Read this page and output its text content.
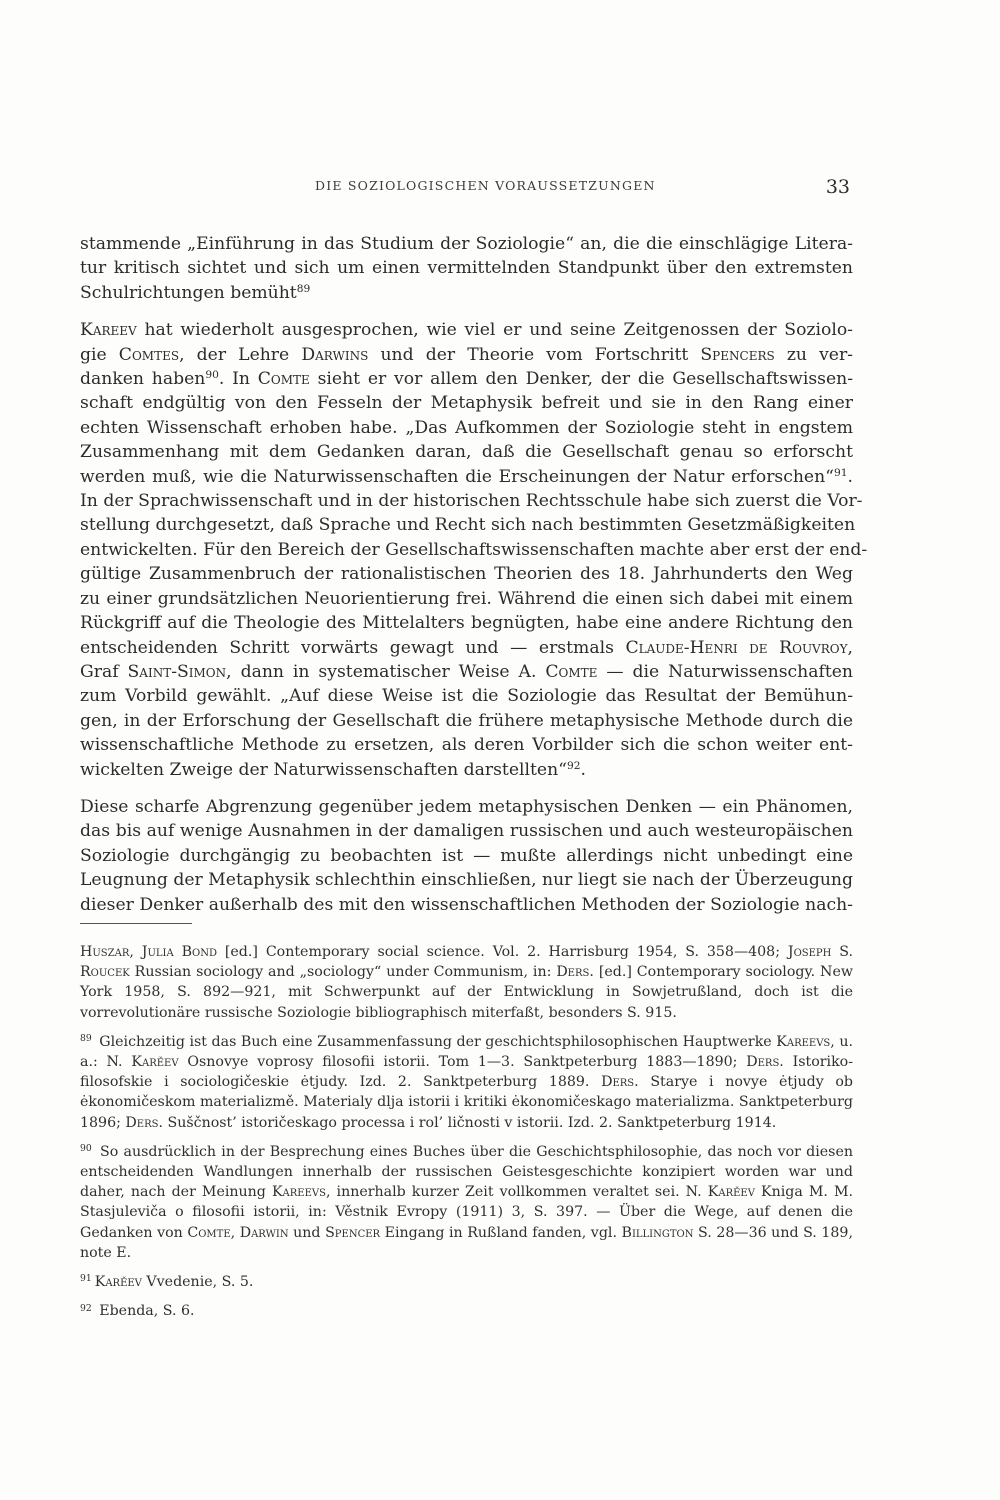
DIE SOZIOLOGISCHEN VORAUSSETZUNGEN	33

stammende „Einführung in das Studium der Soziologie“ an, die die einschlägige Litera-
tur kritisch sichtet und sich um einen vermittelnden Standpunkt über den extremsten
Schulrichtungen bemüht$^{89}$

Kareev hat wiederholt ausgesprochen, wie viel er und seine Zeitgenossen der Soziolo-
gie Comtes, der Lehre Darwins und der Theorie vom Fortschritt Spencers zu ver-
danken haben$^{90}$. In Comte sieht er vor allem den Denker, der die Gesellschaftswissen-
schaft endgültig von den Fesseln der Metaphysik befreit und sie in den Rang einer
echten Wissenschaft erhoben habe. „Das Aufkommen der Soziologie steht in engstem
Zusammenhang mit dem Gedanken daran, daß die Gesellschaft genau so erforscht
werden muß, wie die Naturwissenschaften die Erscheinungen der Natur erforschen“$^{91}$.
In der Sprachwissenschaft und in der historischen Rechtsschule habe sich zuerst die Vor-
stellung durchgesetzt, daß Sprache und Recht sich nach bestimmten Gesetzmäßigkeiten
entwickelten. Für den Bereich der Gesellschaftswissenschaften machte aber erst der end-
gültige Zusammenbruch der rationalistischen Theorien des 18. Jahrhunderts den Weg
zu einer grundsätzlichen Neuorientierung frei. Während die einen sich dabei mit einem
Rückgriff auf die Theologie des Mittelalters begnügten, habe eine andere Richtung den
entscheidenden Schritt vorwärts gewagt und — erstmals Claude-Henri de Rouvroy,
Graf Saint-Simon, dann in systematischer Weise A. Comte — die Naturwissenschaften
zum Vorbild gewählt. „Auf diese Weise ist die Soziologie das Resultat der Bemühun-
gen, in der Erforschung der Gesellschaft die frühere metaphysische Methode durch die
wissenschaftliche Methode zu ersetzen, als deren Vorbilder sich die schon weiter ent-
wickelten Zweige der Naturwissenschaften darstellten“$^{92}$.

Diese scharfe Abgrenzung gegenüber jedem metaphysischen Denken — ein Phänomen,
das bis auf wenige Ausnahmen in der damaligen russischen und auch westeuropäischen
Soziologie durchgängig zu beobachten ist — mußte allerdings nicht unbedingt eine
Leugnung der Metaphysik schlechthin einschließen, nur liegt sie nach der Überzeugung
dieser Denker außerhalb des mit den wissenschaftlichen Methoden der Soziologie nach-

Huszar, Julia Bond [ed.] Contemporary social science. Vol. 2. Harrisburg 1954, S. 358—408; Joseph S. Roucek Russian sociology and „sociology“ under Communism, in: Ders. [ed.] Contemporary sociology. New York 1958, S. 892—921, mit Schwerpunkt auf der Entwicklung in Sowjetrußland, doch ist die vorrevolutionäre russische Soziologie bibliographisch miterfaßt, besonders S. 915.
$^{89}$ Gleichzeitig ist das Buch eine Zusammenfassung der geschichtsphilosophischen Hauptwerke Kareevs, u. a.: N. Karěev Osnovye voprosy filosofii istorii. Tom 1—3. Sanktpeterburg 1883—1890; Ders. Istoriko-filosofskie i sociologičeskie ėtjudy. Izd. 2. Sanktpeterburg 1889. Ders. Starye i novye ėtjudy ob ėkonomičeskom materializmě. Materialy dlja istorii i kritiki ėkonomičeskago materializma. Sanktpeterburg 1896; Ders. Suščnost’ istoričeskago processa i rol’ ličnosti v istorii. Izd. 2. Sanktpeterburg 1914.
$^{90}$ So ausdrücklich in der Besprechung eines Buches über die Geschichtsphilosophie, das noch vor diesen entscheidenden Wandlungen innerhalb der russischen Geistesgeschichte konzipiert worden war und daher, nach der Meinung Kareevs, innerhalb kurzer Zeit vollkommen veraltet sei. N. Karěev Kniga M. M. Stasjulevičа o filosofii istorii, in: Věstnik Evropy (1911) 3, S. 397. — Über die Wege, auf denen die Gedanken von Comte, Darwin und Spencer Eingang in Rußland fanden, vgl. Billington S. 28—36 und S. 189, note E.
$^{91}$ Karěev Vvedenie, S. 5.
$^{92}$ Ebenda, S. 6.
